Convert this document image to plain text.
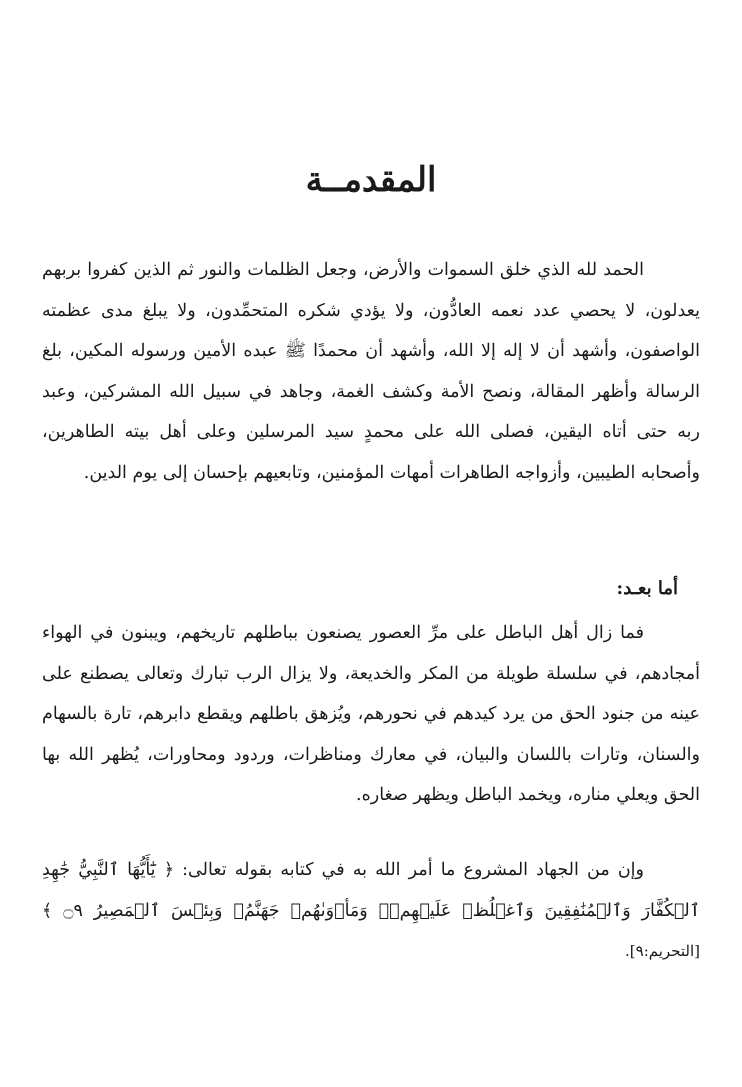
المقدمــة

الحمد لله الذي خلق السموات والأرض، وجعل الظلمات والنور ثم الذين كفروا بربهم يعدلون، لا يحصي عدد نعمه العادُّون، ولا يؤدي شكره المتحمِّدون، ولا يبلغ مدى عظمته الواصفون، وأشهد أن لا إله إلا الله، وأشهد أن محمدًا ﷺ عبده الأمين ورسوله المكين، بلغ الرسالة وأظهر المقالة، ونصح الأمة وكشف الغمة، وجاهد في سبيل الله المشركين، وعبد ربه حتى أتاه اليقين، فصلى الله على محمدٍ سيد المرسلين وعلى أهل بيته الطاهرين، وأصحابه الطيبين، وأزواجه الطاهرات أمهات المؤمنين، وتابعيهم بإحسان إلى يوم الدين.

أما بعـد:

فما زال أهل الباطل على مرِّ العصور يصنعون بباطلهم تاريخهم، ويبنون في الهواء أمجادهم، في سلسلة طويلة من المكر والخديعة، ولا يزال الرب تبارك وتعالى يصطنع على عينه من جنود الحق من يرد كيدهم في نحورهم، ويُزهق باطلهم ويقطع دابرهم، تارة بالسهام والسنان، وتارات باللسان والبيان، في معارك ومناظرات، وردود ومحاورات، يُظهر الله بها الحق ويعلي مناره، ويخمد الباطل ويظهر صغاره.

وإن من الجهاد المشروع ما أمر الله به في كتابه بقوله تعالى: ﴿ يَٰٓأَيُّهَا ٱلنَّبِيُّ جَٰهِدِ ٱلۡكُفَّارَ وَٱلۡمُنَٰفِقِينَ وَٱغۡلُظۡ عَلَيۡهِمۡۚ وَمَأۡوَىٰهُمۡ جَهَنَّمُۖ وَبِئۡسَ ٱلۡمَصِيرُ ۝٩ ﴾ [التحريم:٩].
